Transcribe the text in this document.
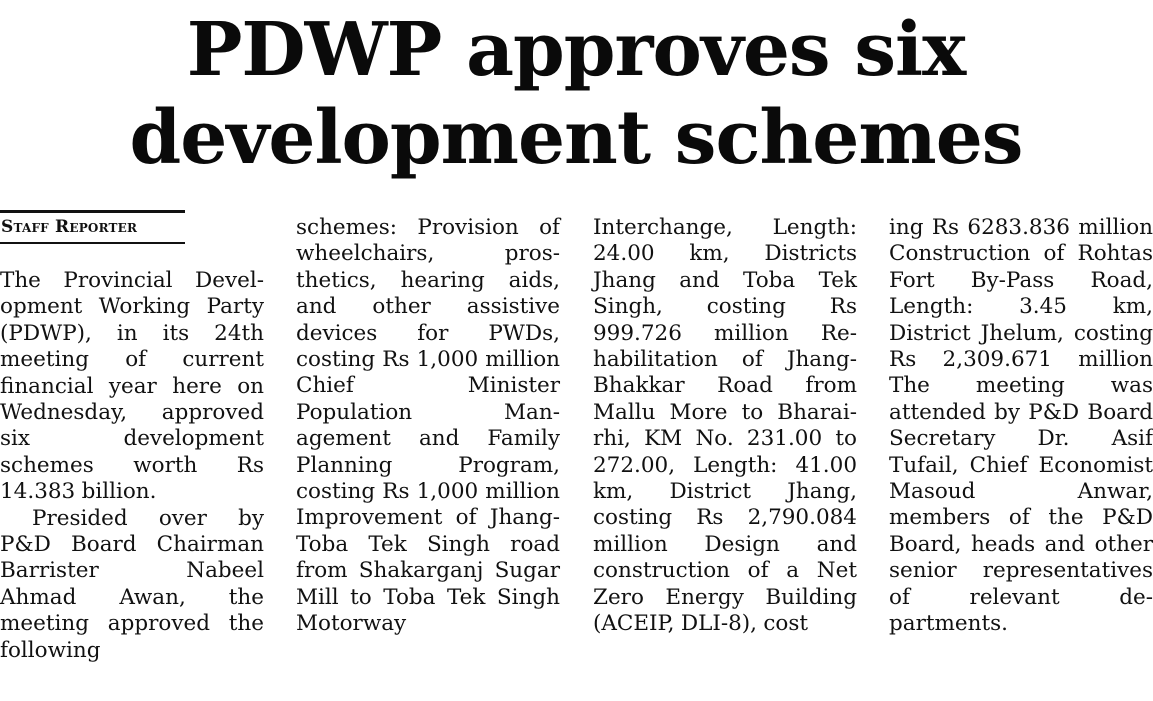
PDWP approves six
development schemes
Staff Reporter

The Provincial Development Working Party (PDWP), in its 24th meeting of current financial year here on Wednesday, approved six development schemes worth Rs 14.383 billion.

Presided over by P&D Board Chairman Barrister Nabeel Ahmad Awan, the meeting approved the following

schemes: Provision of wheelchairs, prosthetics, hearing aids, and other assistive devices for PWDs, costing Rs 1,000 million Chief Minister Population Management and Family Planning Program, costing Rs 1,000 million Improvement of Jhang-Toba Tek Singh road from Shakarganj Sugar Mill to Toba Tek Singh Motorway

Interchange, Length: 24.00 km, Districts Jhang and Toba Tek Singh, costing Rs 999.726 million Rehabilitation of Jhang-Bhakkar Road from Mallu More to Bharairhi, KM No. 231.00 to 272.00, Length: 41.00 km, District Jhang, costing Rs 2,790.084 million Design and construction of a Net Zero Energy Building (ACEIP, DLI-8), cost

ing Rs 6283.836 million Construction of Rohtas Fort By-Pass Road, Length: 3.45 km, District Jhelum, costing Rs 2,309.671 million The meeting was attended by P&D Board Secretary Dr. Asif Tufail, Chief Economist Masoud Anwar, members of the P&D Board, heads and other senior representatives of relevant departments.
